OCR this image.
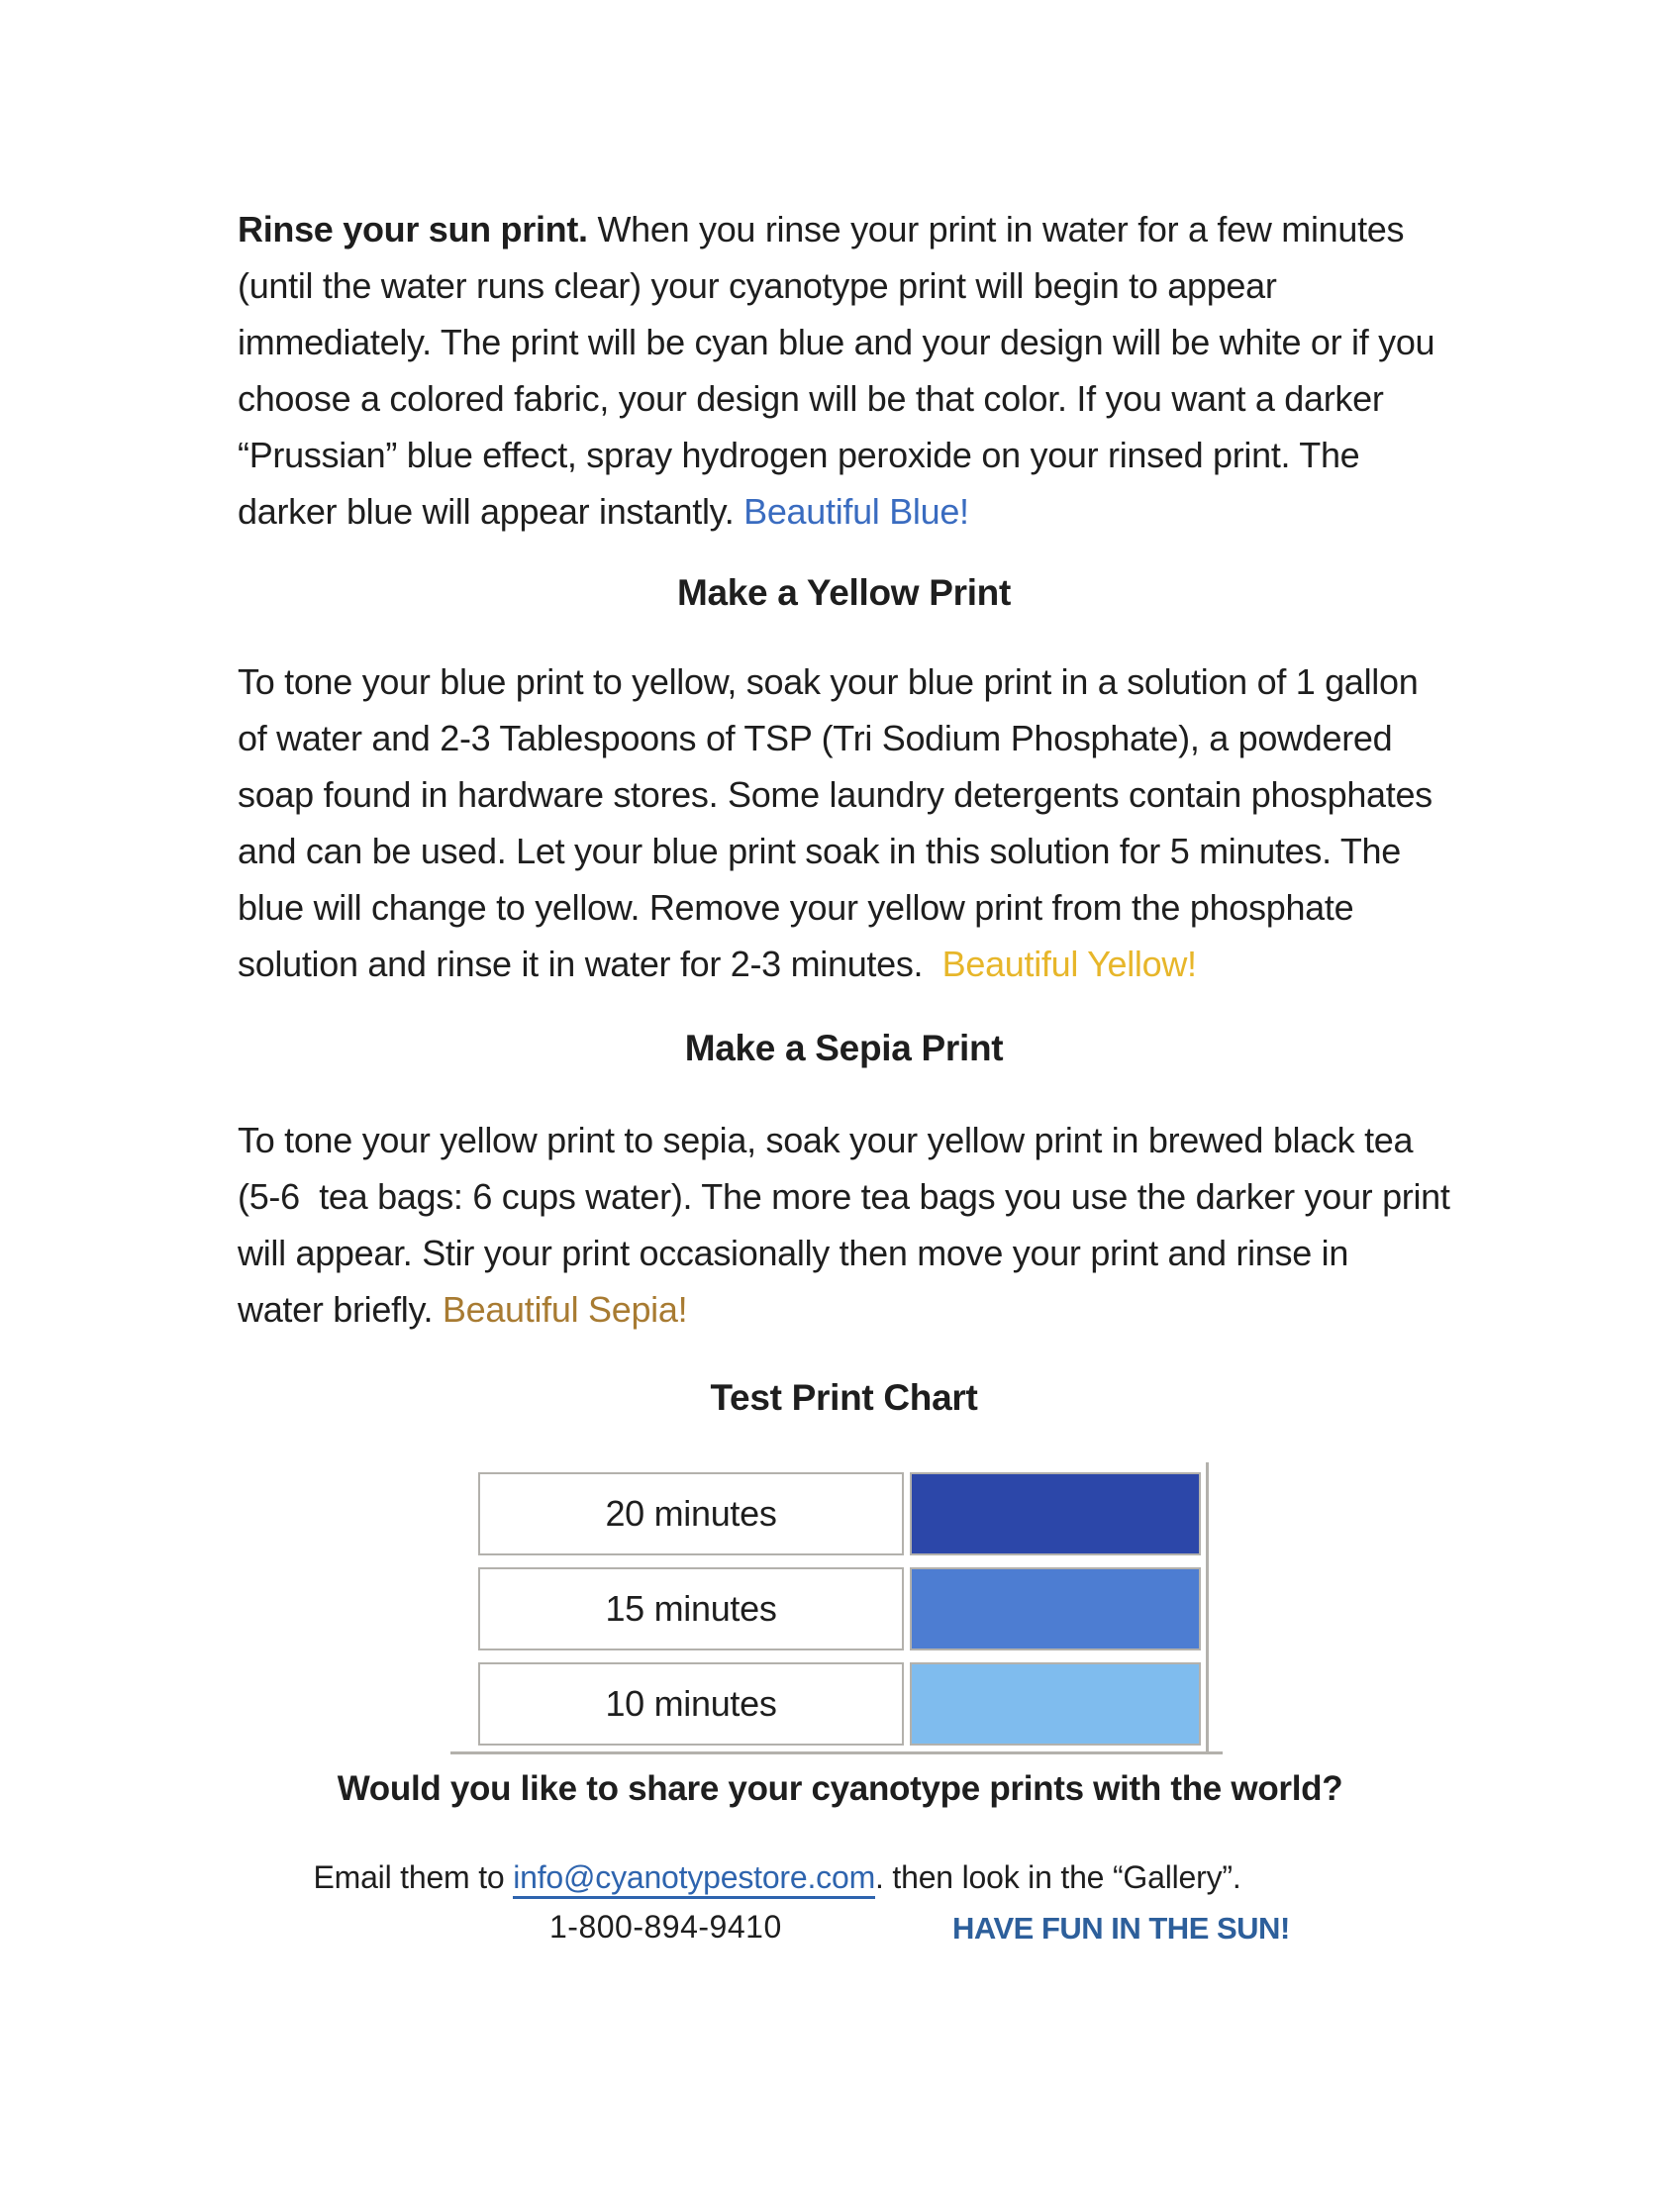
Rinse your sun print. When you rinse your print in water for a few minutes
(until the water runs clear) your cyanotype print will begin to appear
immediately. The print will be cyan blue and your design will be white or if you
choose a colored fabric, your design will be that color. If you want a darker
“Prussian” blue effect, spray hydrogen peroxide on your rinsed print. The
darker blue will appear instantly. Beautiful Blue!
Make a Yellow Print
To tone your blue print to yellow, soak your blue print in a solution of 1 gallon
of water and 2-3 Tablespoons of TSP (Tri Sodium Phosphate), a powdered
soap found in hardware stores. Some laundry detergents contain phosphates
and can be used. Let your blue print soak in this solution for 5 minutes. The
blue will change to yellow. Remove your yellow print from the phosphate
solution and rinse it in water for 2-3 minutes.  Beautiful Yellow!
Make a Sepia Print
To tone your yellow print to sepia, soak your yellow print in brewed black tea
(5-6  tea bags: 6 cups water). The more tea bags you use the darker your print
will appear. Stir your print occasionally then move your print and rinse in
water briefly. Beautiful Sepia!
Test Print Chart
20 minutes
15 minutes
10 minutes
Would you like to share your cyanotype prints with the world?
Email them to info@cyanotypestore.com. then look in the “Gallery”.
1-800-894-9410	HAVE FUN IN THE SUN!
